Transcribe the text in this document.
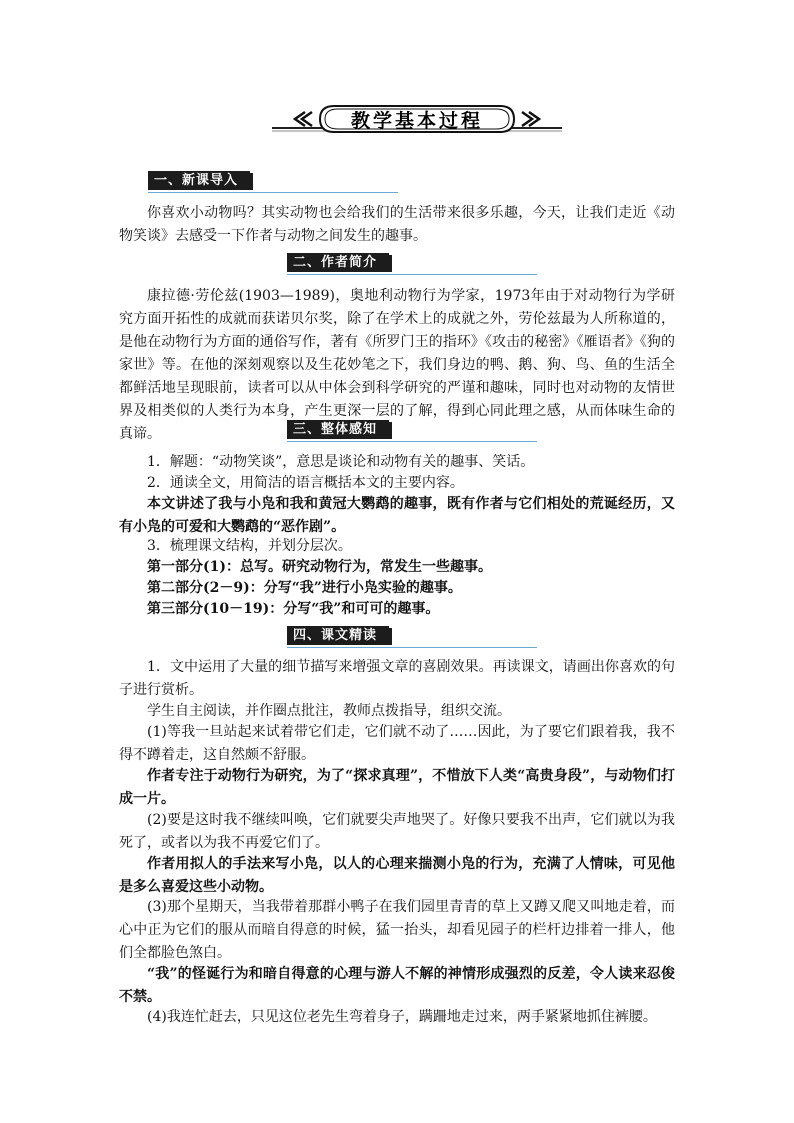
教学基本过程
一、新课导入

你喜欢小动物吗？其实动物也会给我们的生活带来很多乐趣，今天，让我们走近《动物笑谈》去感受一下作者与动物之间发生的趣事。

二、作者简介

康拉德·劳伦兹(1903—1989)，奥地利动物行为学家，1973年由于对动物行为学研究方面开拓性的成就而获诺贝尔奖，除了在学术上的成就之外，劳伦兹最为人所称道的，是他在动物行为方面的通俗写作，著有《所罗门王的指环》《攻击的秘密》《雁语者》《狗的家世》等。在他的深刻观察以及生花妙笔之下，我们身边的鸭、鹅、狗、鸟、鱼的生活全都鲜活地呈现眼前，读者可以从中体会到科学研究的严谨和趣味，同时也对动物的友情世界及相类似的人类行为本身，产生更深一层的了解，得到心同此理之感，从而体味生命的真谛。	三、整体感知

1．解题：“动物笑谈”，意思是谈论和动物有关的趣事、笑话。

2．通读全文，用简洁的语言概括本文的主要内容。

本文讲述了我与小凫和我和黄冠大鹦鹉的趣事，既有作者与它们相处的荒诞经历，又有小凫的可爱和大鹦鹉的“恶作剧”。

3．梳理课文结构，并划分层次。

第一部分(1)：总写。研究动物行为，常发生一些趣事。

第二部分(2－9)：分写“我”进行小凫实验的趣事。

第三部分(10－19)：分写“我”和可可的趣事。

四、课文精读

1．文中运用了大量的细节描写来增强文章的喜剧效果。再读课文，请画出你喜欢的句子进行赏析。

学生自主阅读，并作圈点批注，教师点拨指导，组织交流。

(1)等我一旦站起来试着带它们走，它们就不动了……因此，为了要它们跟着我，我不得不蹲着走，这自然颇不舒服。

作者专注于动物行为研究，为了“探求真理”，不惜放下人类“高贵身段”，与动物们打成一片。

(2)要是这时我不继续叫唤，它们就要尖声地哭了。好像只要我不出声，它们就以为我死了，或者以为我不再爱它们了。

作者用拟人的手法来写小凫，以人的心理来揣测小凫的行为，充满了人情味，可见他是多么喜爱这些小动物。

(3)那个星期天，当我带着那群小鸭子在我们园里青青的草上又蹲又爬又叫地走着，而心中正为它们的服从而暗自得意的时候，猛一抬头，却看见园子的栏杆边排着一排人，他们全都脸色煞白。

“我”的怪诞行为和暗自得意的心理与游人不解的神情形成强烈的反差，令人读来忍俊不禁。

(4)我连忙赶去，只见这位老先生弯着身子，蹒跚地走过来，两手紧紧地抓住裤腰。
